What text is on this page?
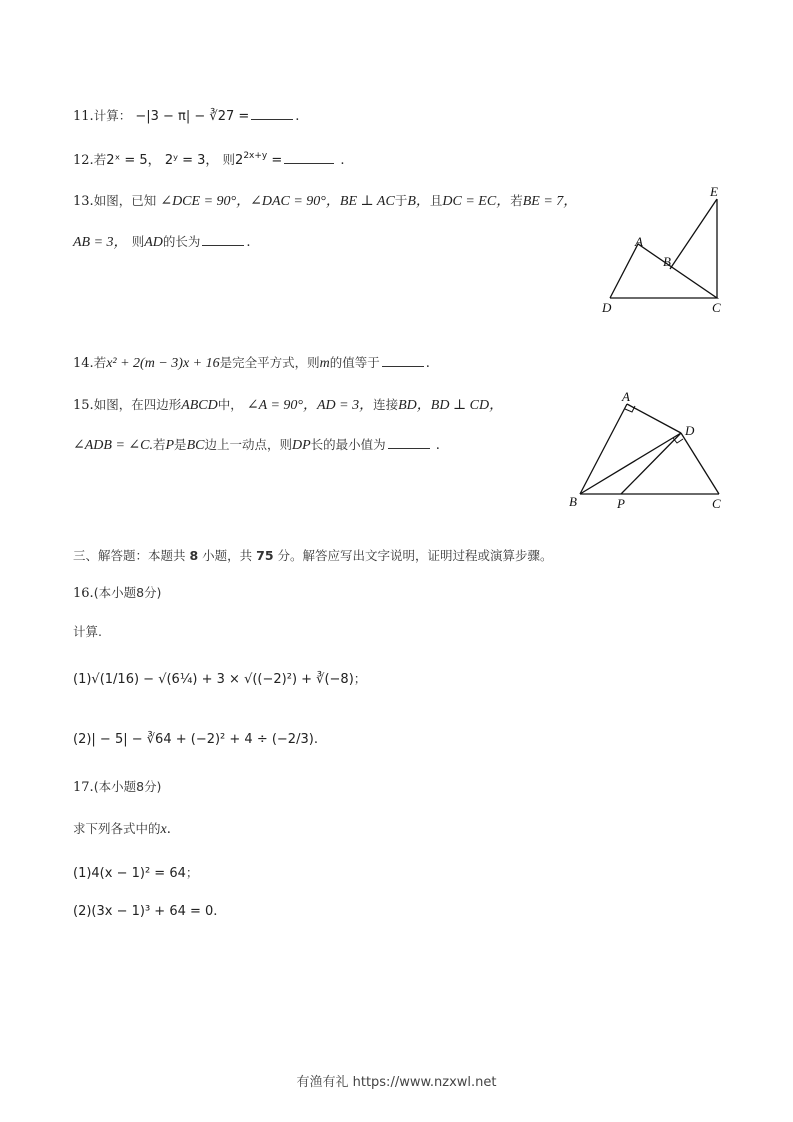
11.计算： −|3 − π| − ∛27 =	.
12.若2ˣ = 5， 2ʸ = 3， 则$2^{2x+y}$ =	.
13.如图，已知 ∠DCE = 90°，∠DAC = 90°，BE ⊥ AC于B，且DC = EC，若BE = 7，
AB = 3， 则AD的长为	.
E
A
B
D	C
14.若x² + 2(m − 3)x + 16是完全平方式，则m的值等于	.
15.如图，在四边形ABCD中， ∠A = 90°，AD = 3，连接BD，BD ⊥ CD，
∠ADB = ∠C.若P是BC边上一动点，则DP长的最小值为	.
A
D
B	P	C
三、解答题：本题共 8 小题，共 75 分。解答应写出文字说明，证明过程或演算步骤。
16.(本小题8分)
计算.
(1)√(1/16) − √(6¼) + 3 × √((−2)²) + ∛(−8)；
(2)| − 5| − ∛64 + (−2)² + 4 ÷ (−2/3).
17.(本小题8分)
求下列各式中的x.
(1)4(x − 1)² = 64；
(2)(3x − 1)³ + 64 = 0.
有渔有礼 https://www.nzxwl.net
